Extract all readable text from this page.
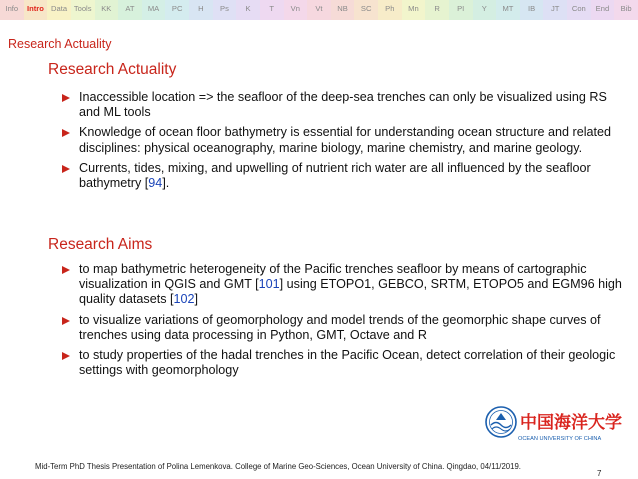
Info	Intro Data Tools	KK	AT	MA	PC	H	Ps	K	T	Vn	Vt	NB	SC	Ph	Mn	R	PI	Y	MT	IB	JT	Con	End	Bib
Research Actuality
Research Actuality
Inaccessible location => the seafloor of the deep-sea trenches can only be visualized using RS and ML tools
Knowledge of ocean floor bathymetry is essential for understanding ocean structure and related disciplines: physical oceanography, marine biology, marine chemistry, and marine geology.
Currents, tides, mixing, and upwelling of nutrient rich water are all influenced by the seafloor bathymetry [94].
Research Aims
to map bathymetric heterogeneity of the Pacific trenches seafloor by means of cartographic visualization in QGIS and GMT [101] using ETOPO1, GEBCO, SRTM, ETOPO5 and EGM96 high quality datasets [102]
to visualize variations of geomorphology and model trends of the geomorphic shape curves of trenches using data processing in Python, GMT, Octave and R
to study properties of the hadal trenches in the Pacific Ocean, detect correlation of their geologic settings with geomorphology
中国海洋大学
OCEAN UNIVERSITY OF CHINA
Mid-Term PhD Thesis Presentation of Polina Lemenkova. College of Marine Geo-Sciences, Ocean University of China. Qingdao, 04/11/2019.
7
